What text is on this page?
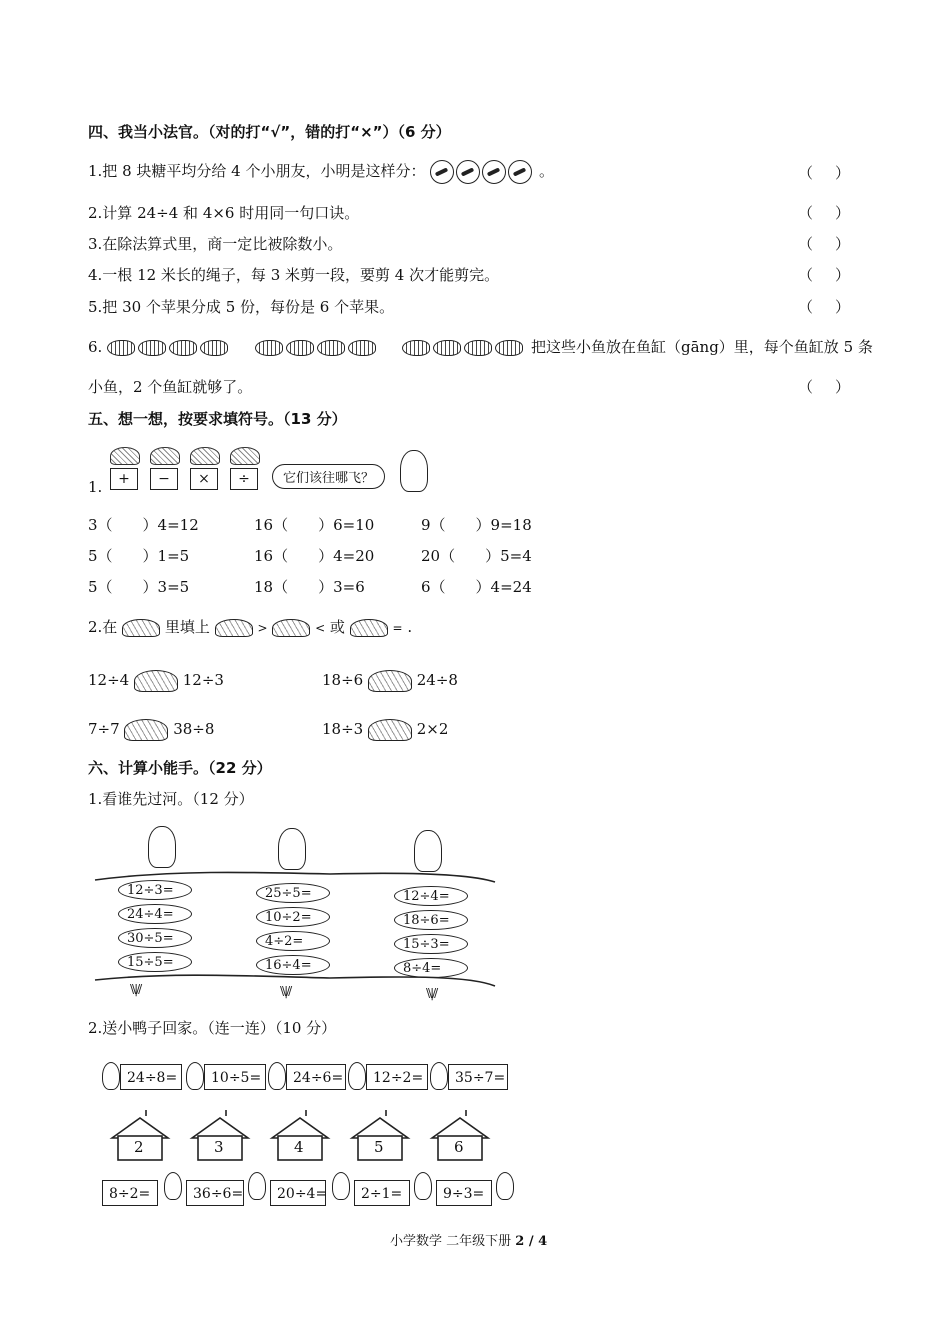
四、我当小法官。（对的打“√”，错的打“×”）（6 分）
1.把 8 块糖平均分给 4 个小朋友，小明是这样分：	。	（ ）
2.计算 24÷4 和 4×6 时用同一句口诀。	（ ）
3.在除法算式里，商一定比被除数小。	（ ）
4.一根 12 米长的绳子，每 3 米剪一段，要剪 4 次才能剪完。	（ ）
5.把 30 个苹果分成 5 份，每份是 6 个苹果。	（ ）
6.	把这些小鱼放在鱼缸（gāng）里，每个鱼缸放 5 条
小鱼，2 个鱼缸就够了。	（ ）
五、想一想，按要求填符号。（13 分）
1.	+	−	×	÷	它们该往哪飞？
3（　　）4=12	16（　　）6=10	9（　　）9=18
5（　　）1=5	16（　　）4=20	20（　　）5=4
5（　　）3=5	18（　　）3=6	6（　　）4=24
2.在	里填上	>	< 或	= .
12÷4	12÷3	18÷6	24÷8
7÷7	38÷8	18÷3	2×2
六、计算小能手。（22 分）
1.看谁先过河。（12 分）
\\|//	\\|//	\\|//
12÷3=
24÷4=
30÷5=
15÷5=
25÷5=
10÷2=
4÷2=
16÷4=
12÷4=
18÷6=
15÷3=
8÷4=
2.送小鸭子回家。（连一连）（10 分）
24÷8=	10÷5=	24÷6=	12÷2=	35÷7=
2	3	4	5	6
8÷2=	36÷6=	20÷4=	2÷1=	9÷3=
小学数学 二年级下册 2 / 4
